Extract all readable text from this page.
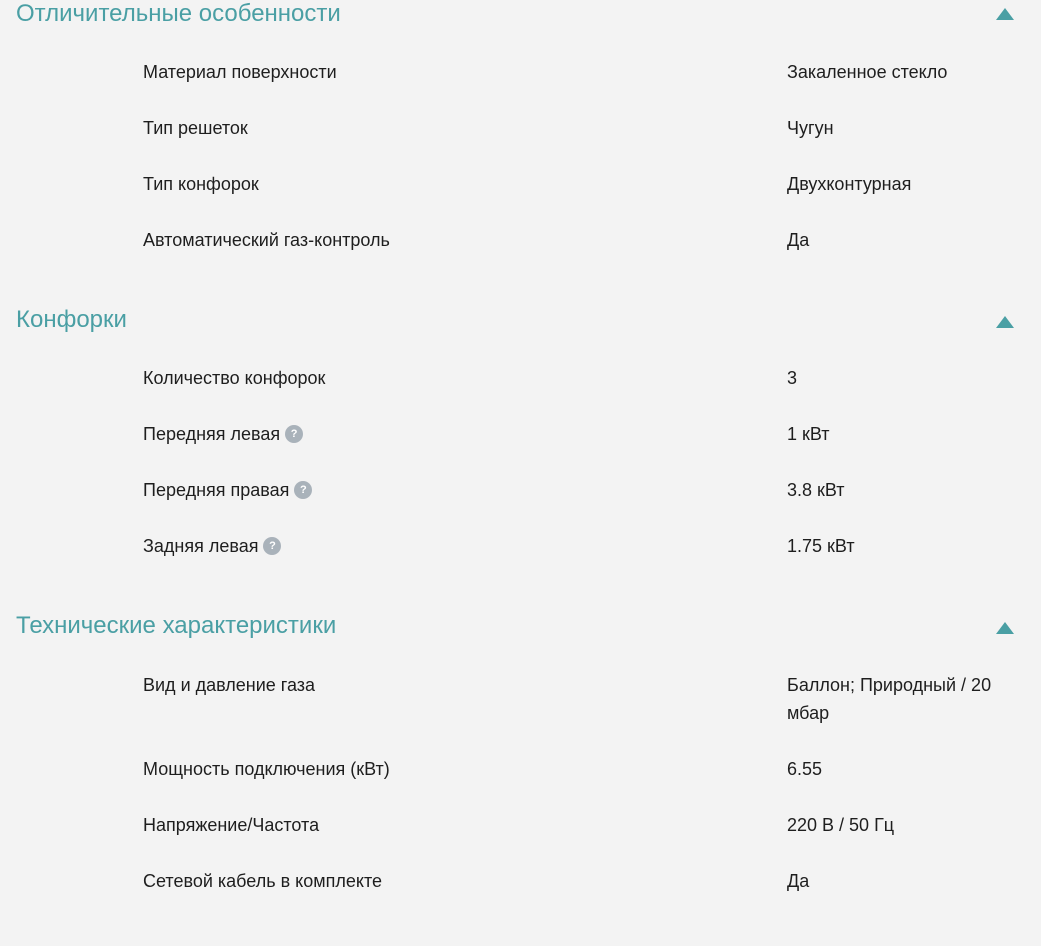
Отличительные особенности
Материал поверхности	Закаленное стекло
Тип решеток	Чугун
Тип конфорок	Двухконтурная
Автоматический газ-контроль	Да
Конфорки
Количество конфорок	3
Передняя левая ?	1 кВт
Передняя правая ?	3.8 кВт
Задняя левая ?	1.75 кВт
Технические характеристики
Вид и давление газа	Баллон; Природный / 20 мбар
Мощность подключения (кВт)	6.55
Напряжение/Частота	220 В / 50 Гц
Сетевой кабель в комплекте	Да
